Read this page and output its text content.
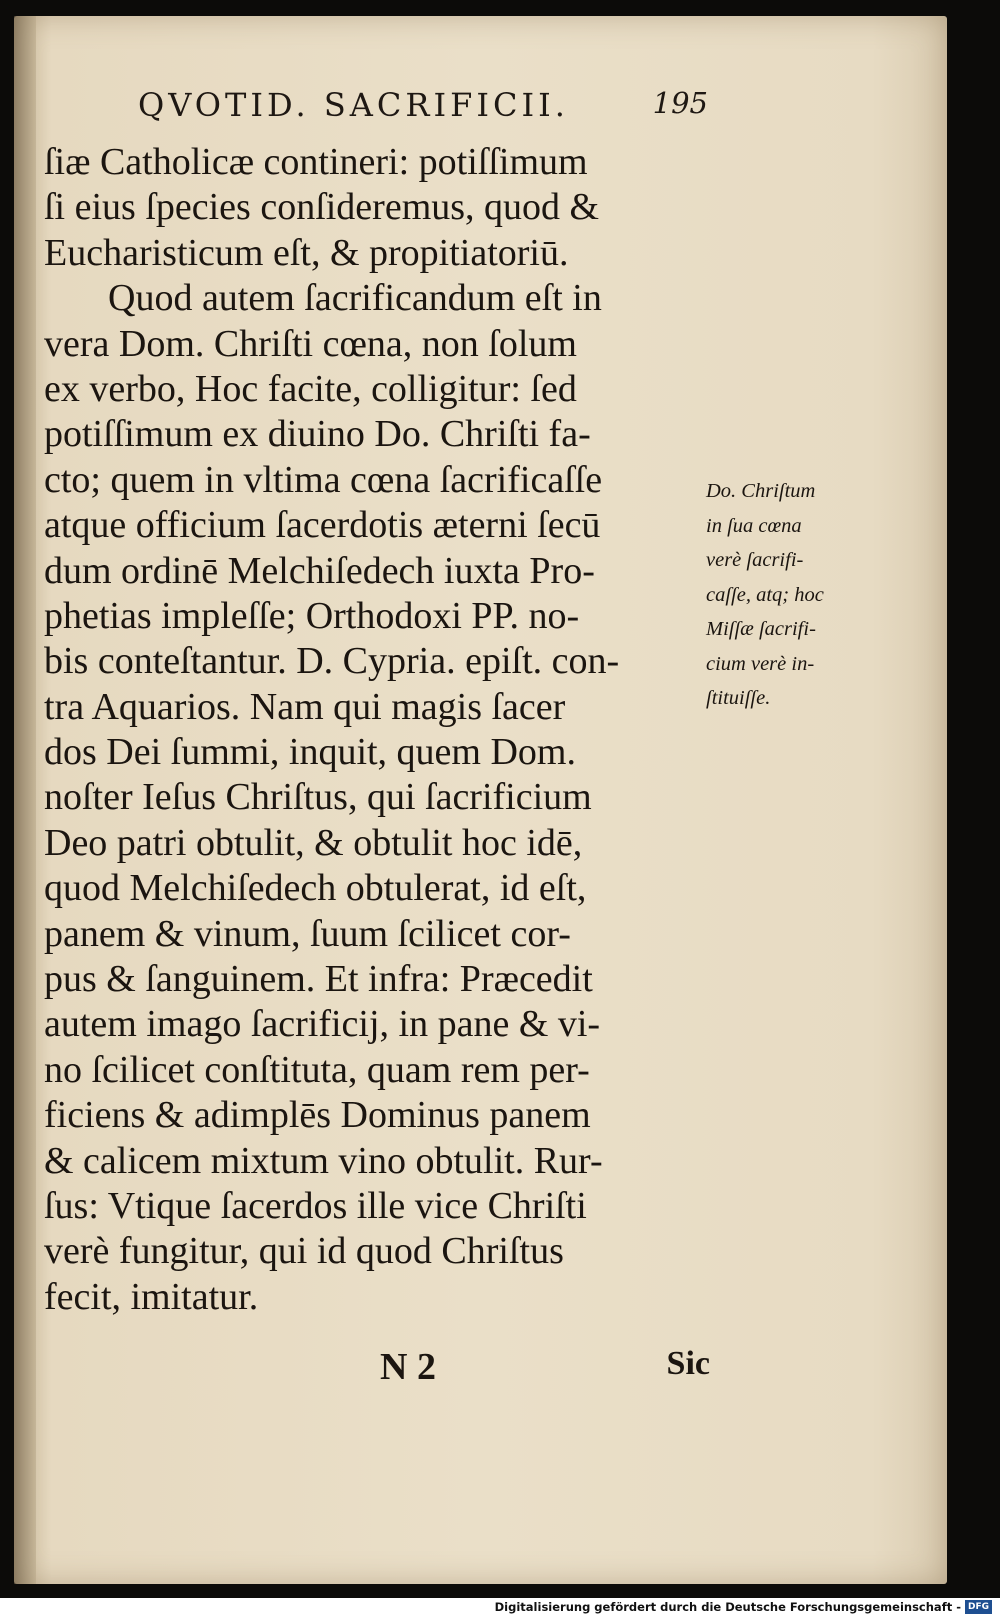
QVOTID. SACRIFICII.	195
ſiæ Catholicæ contineri: potiſſimum
ſi eius ſpecies conſideremus, quod &
Eucharisticum eſt, & propitiatoriū.
Quod autem ſacrificandum eſt in
vera Dom. Chriſti cœna, non ſolum
ex verbo, Hoc facite, colligitur: ſed
potiſſimum ex diuino Do. Chriſti fa-
cto; quem in vltima cœna ſacrificaſſe
atque officium ſacerdotis æterni ſecū
dum ordinē Melchiſedech iuxta Pro-
phetias impleſſe; Orthodoxi PP. no-
bis conteſtantur. D. Cypria. epiſt. con-
tra Aquarios. Nam qui magis ſacer
dos Dei ſummi, inquit, quem Dom.
noſter Ieſus Chriſtus, qui ſacrificium
Deo patri obtulit, & obtulit hoc idē,
quod Melchiſedech obtulerat, id eſt,
panem & vinum, ſuum ſcilicet cor-
pus & ſanguinem. Et infra: Præcedit
autem imago ſacrificij, in pane & vi-
no ſcilicet conſtituta, quam rem per-
ficiens & adimplēs Dominus panem
& calicem mixtum vino obtulit. Rur-
ſus: Vtique ſacerdos ille vice Chriſti
verè fungitur, qui id quod Chriſtus
fecit, imitatur.
Do. Chriſtum
in ſua cœna
verè ſacrifi-
caſſe, atq; hoc
Miſſæ ſacrifi-
cium verè in-
ſtituiſſe.
N 2	Sic
Digitalisierung gefördert durch die Deutsche Forschungsgemeinschaft - DFG
